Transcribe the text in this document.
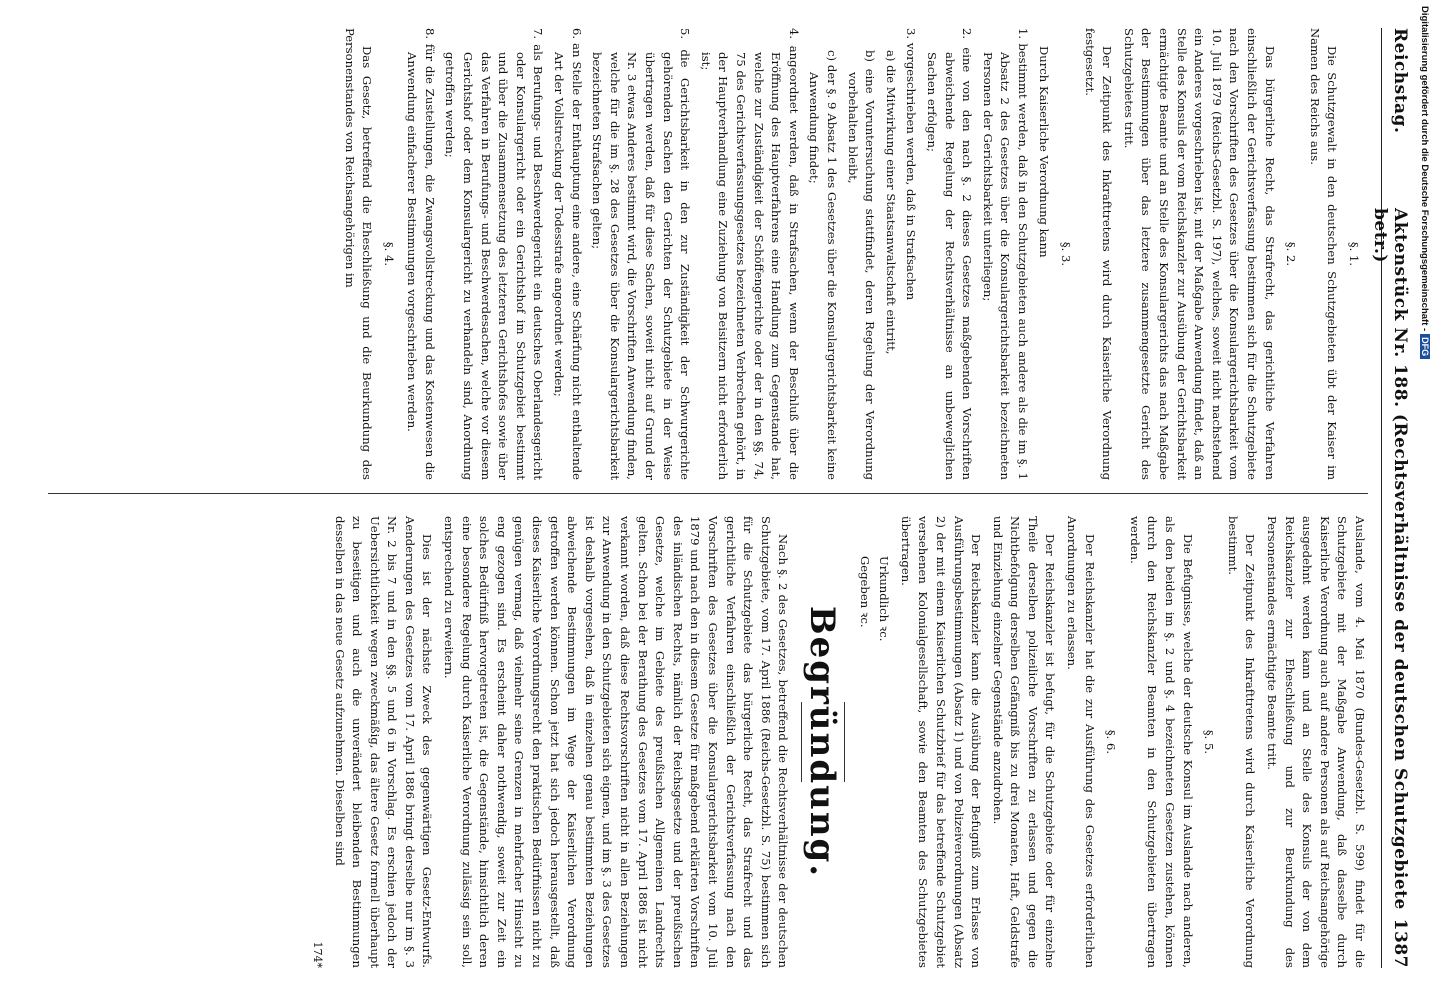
Reichstag.
Aktenstück Nr. 188. (Rechtsverhältnisse der deutschen Schutzgebiete betr.)
1387

§. 1.

Die Schutzgewalt in den deutschen Schutzgebieten übt der Kaiser im Namen des Reichs aus.

§. 2.

Das bürgerliche Recht, das Strafrecht, das gerichtliche Verfahren einschließlich der Gerichtsverfassung bestimmen sich für die Schutzgebiete nach den Vorschriften des Gesetzes über die Konsulargerichtsbarkeit vom 10. Juli 1879 (Reichs-Gesetzbl. S. 197), welches, soweit nicht nachstehend ein Anderes vorgeschrieben ist, mit der Maßgabe Anwendung findet, daß an Stelle des Konsuls der vom Reichskanzler zur Ausübung der Gerichtsbarkeit ermächtigte Beamte und an Stelle des Konsulargerichts das nach Maßgabe der Bestimmungen über das letztere zusammengesetzte Gericht des Schutzgebietes tritt.

Der Zeitpunkt des Inkrafttretens wird durch Kaiserliche Verordnung festgesetzt.

§. 3.

Durch Kaiserliche Verordnung kann

1. bestimmt werden, daß in den Schutzgebieten auch andere als die im §. 1 Absatz 2 des Gesetzes über die Konsulargerichtsbarkeit bezeichneten Personen der Gerichtsbarkeit unterliegen;

2. eine von den nach §. 2 dieses Gesetzes maßgebenden Vorschriften abweichende Regelung der Rechtsverhältnisse an unbeweglichen Sachen erfolgen;

3. vorgeschrieben werden, daß in Strafsachen

a) die Mitwirkung einer Staatsanwaltschaft eintritt,

b) eine Voruntersuchung stattfindet, deren Regelung der Verordnung vorbehalten bleibt,

c) der §. 9 Absatz 1 des Gesetzes über die Konsulargerichtsbarkeit keine Anwendung findet;

4. angeordnet werden, daß in Strafsachen, wenn der Beschluß über die Eröffnung des Hauptverfahrens eine Handlung zum Gegenstande hat, welche zur Zuständigkeit der Schöffengerichte oder der in den §§. 74, 75 des Gerichtsverfassungsgesetzes bezeichneten Verbrechen gehört, in der Hauptverhandlung eine Zuziehung von Beisitzern nicht erforderlich ist;

5. die Gerichtsbarkeit in den zur Zuständigkeit der Schwurgerichte gehörenden Sachen den Gerichten der Schutzgebiete in der Weise übertragen werden, daß für diese Sachen, soweit nicht auf Grund der Nr. 3 etwas Anderes bestimmt wird, die Vorschriften Anwendung finden, welche für die im §. 28 des Gesetzes über die Konsulargerichtsbarkeit bezeichneten Strafsachen gelten;

6. an Stelle der Enthauptung eine andere, eine Schärfung nicht enthaltende Art der Vollstreckung der Todesstrafe angeordnet werden;

7. als Berufungs- und Beschwerdegericht ein deutsches Oberlandesgericht oder Konsulargericht oder ein Gerichtshof im Schutzgebiet bestimmt und über die Zusammensetzung des letzteren Gerichtshofes sowie über das Verfahren in Berufungs- und Beschwerdesachen, welche vor diesem Gerichtshof oder dem Konsulargericht zu verhandeln sind, Anordnung getroffen werden;

8. für die Zustellungen, die Zwangsvollstreckung und das Kostenwesen die Anwendung einfacherer Bestimmungen vorgeschrieben werden.

§. 4.

Das Gesetz, betreffend die Eheschließung und die Beurkundung des Personenstandes von Reichsangehörigen im

Auslande, vom 4. Mai 1870 (Bundes-Gesetzbl. S. 599) findet für die Schutzgebiete mit der Maßgabe Anwendung, daß dasselbe durch Kaiserliche Verordnung auch auf andere Personen als auf Reichsangehörige ausgedehnt werden kann und an Stelle des Konsuls der von dem Reichskanzler zur Eheschließung und zur Beurkundung des Personenstandes ermächtigte Beamte tritt.

Der Zeitpunkt des Inkrafttretens wird durch Kaiserliche Verordnung bestimmt.

§. 5.

Die Befugnisse, welche der deutsche Konsul im Auslande nach anderen, als den beiden im §. 2 und §. 4 bezeichneten Gesetzen zustehen, können durch den Reichskanzler Beamten in den Schutzgebieten übertragen werden.

§. 6.

Der Reichskanzler hat die zur Ausführung des Gesetzes erforderlichen Anordnungen zu erlassen.

Der Reichskanzler ist befugt, für die Schutzgebiete oder für einzelne Theile derselben polizeiliche Vorschriften zu erlassen und gegen die Nichtbefolgung derselben Gefängniß bis zu drei Monaten, Haft, Geldstrafe und Einziehung einzelner Gegenstände anzudrohen.

Der Reichskanzler kann die Ausübung der Befugniß zum Erlasse von Ausführungsbestimmungen (Absatz 1) und von Polizeiverordnungen (Absatz 2) der mit einem Kaiserlichen Schutzbrief für das betreffende Schutzgebiet versehenen Kolonialgesellschaft, sowie den Beamten des Schutzgebietes übertragen.

Urkundlich ꝛc.

Gegeben ꝛc.

Begründung.

Nach §. 2 des Gesetzes, betreffend die Rechtsverhältnisse der deutschen Schutzgebiete, vom 17. April 1886 (Reichs-Gesetzbl. S. 75) bestimmen sich für die Schutzgebiete das bürgerliche Recht, das Strafrecht und das gerichtliche Verfahren einschließlich der Gerichtsverfassung nach den Vorschriften des Gesetzes über die Konsulargerichtsbarkeit vom 10. Juli 1879 und nach den in diesem Gesetze für maßgebend erklärten Vorschriften des inländischen Rechts, nämlich der Reichsgesetze und der preußischen Gesetze, welche im Gebiete des preußischen Allgemeinen Landrechts gelten. Schon bei der Berathung des Gesetzes vom 17. April 1886 ist nicht verkannt worden, daß diese Rechtsvorschriften nicht in allen Beziehungen zur Anwendung in den Schutzgebieten sich eignen, und im §. 3 des Gesetzes ist deshalb vorgesehen, daß in einzelnen genau bestimmten Beziehungen abweichende Bestimmungen im Wege der Kaiserlichen Verordnung getroffen werden können. Schon jetzt hat sich jedoch herausgestellt, daß dieses Kaiserliche Verordnungsrecht den praktischen Bedürfnissen nicht zu genügen vermag, daß vielmehr seine Grenzen in mehrfacher Hinsicht zu eng gezogen sind. Es erscheint daher nothwendig, soweit zur Zeit ein solches Bedürfniß hervorgetreten ist, die Gegenstände, hinsichtlich deren eine besondere Regelung durch Kaiserliche Verordnung zulässig sein soll, entsprechend zu erweitern.

Dies ist der nächste Zweck des gegenwärtigen Gesetz-Entwurfs. Aenderungen des Gesetzes vom 17. April 1886 bringt derselbe nur im §. 3 Nr. 2 bis 7 und in den §§. 5 und 6 in Vorschlag. Es erschien jedoch der Uebersichtlichkeit wegen zweckmäßig, das ältere Gesetz formell überhaupt zu beseitigen und auch die unverändert bleibenden Bestimmungen desselben in das neue Gesetz aufzunehmen. Dieselben sind

174*

Digitalisierung gefördert durch die Deutsche Forschungsgemeinschaft -DFG
